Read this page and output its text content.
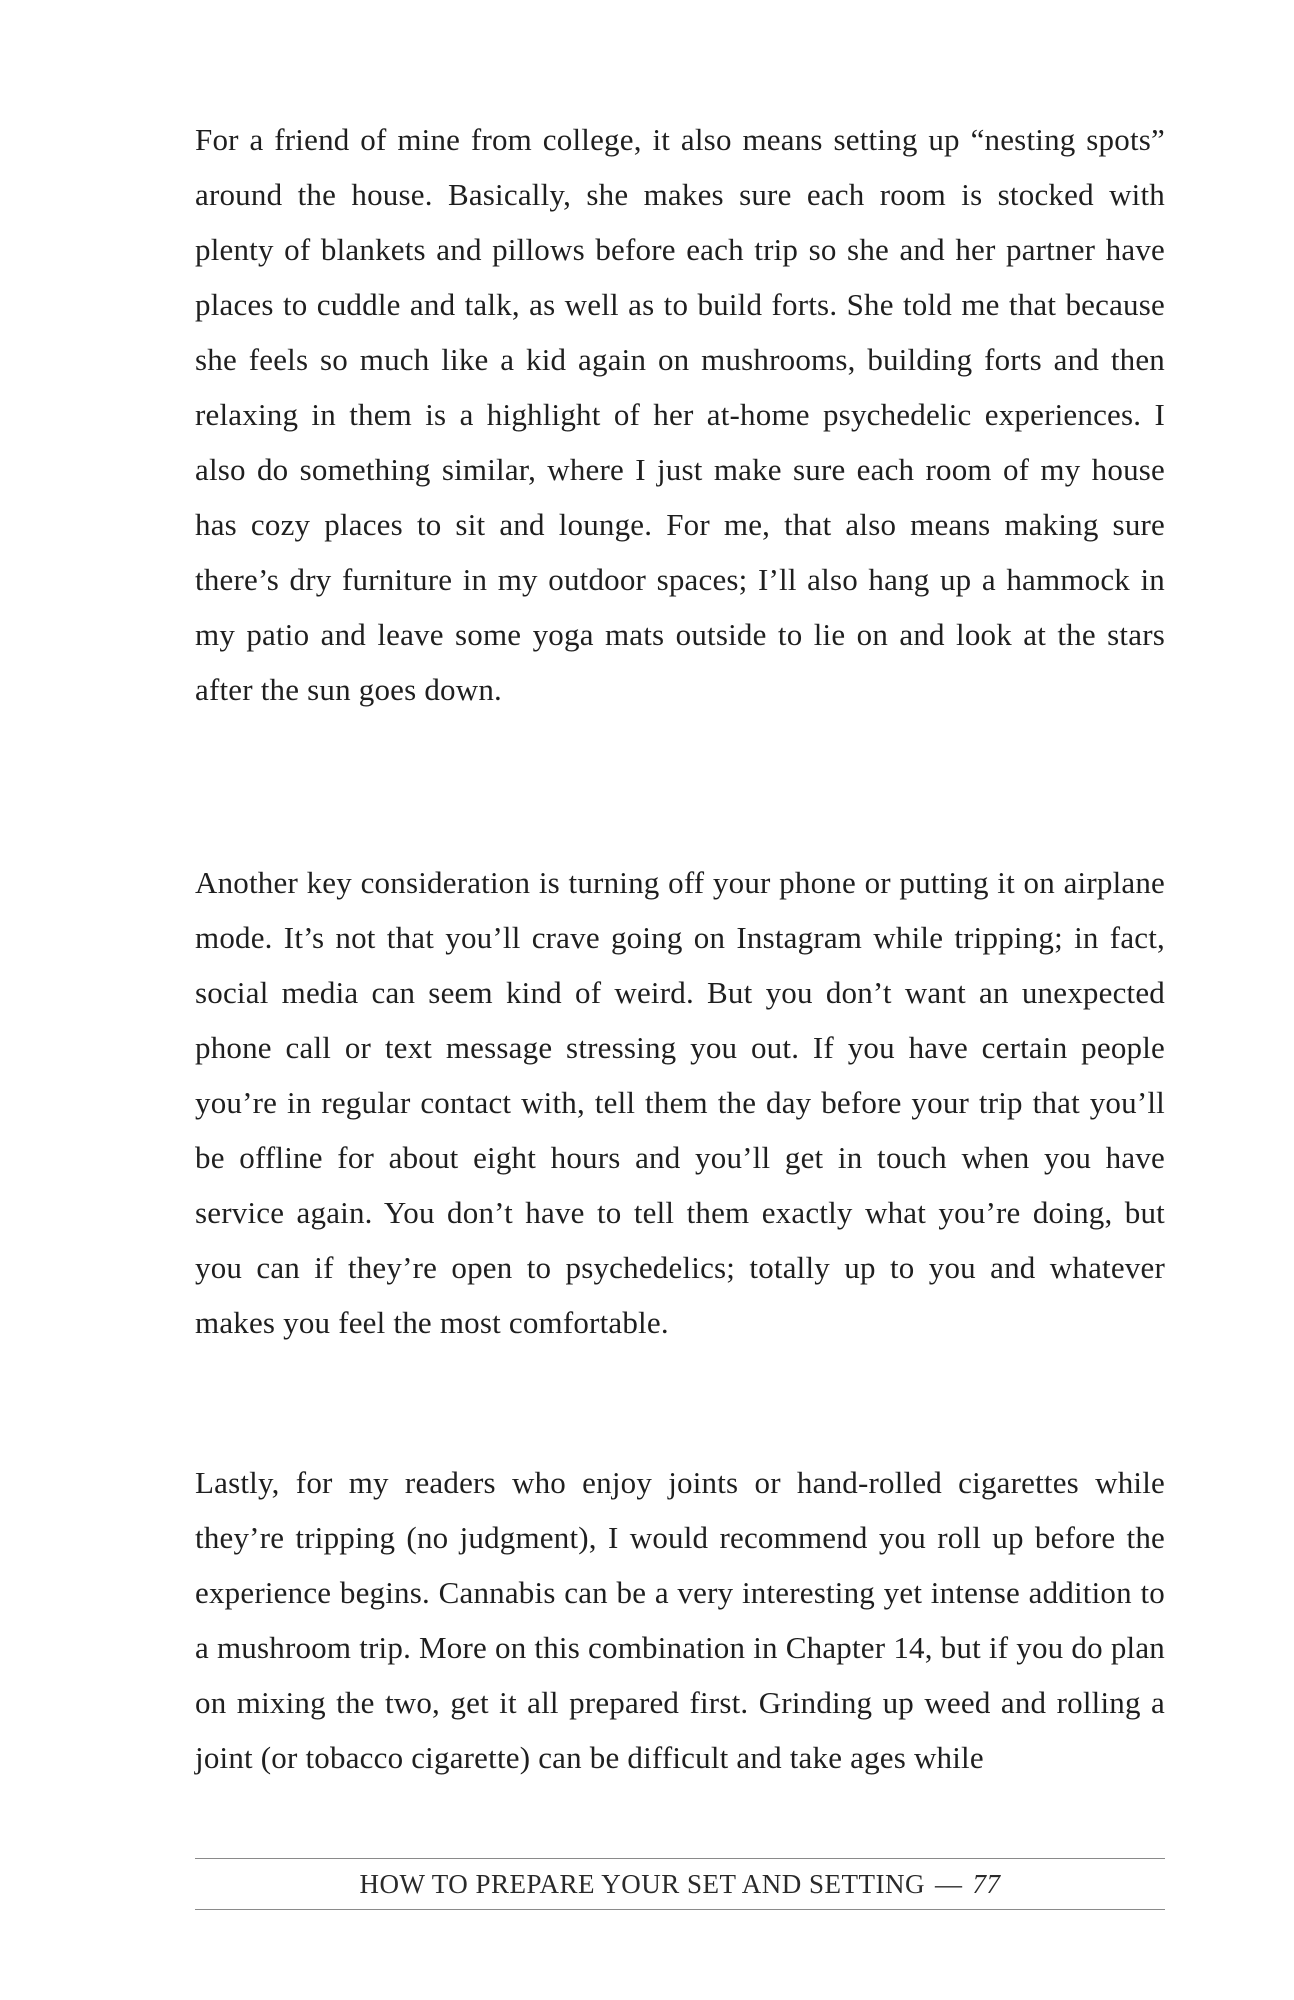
For a friend of mine from college, it also means setting up “nesting spots” around the house. Basically, she makes sure each room is stocked with plenty of blankets and pillows before each trip so she and her partner have places to cuddle and talk, as well as to build forts. She told me that because she feels so much like a kid again on mushrooms, building forts and then relaxing in them is a highlight of her at-home psychedelic experiences. I also do something similar, where I just make sure each room of my house has cozy places to sit and lounge. For me, that also means making sure there’s dry furniture in my outdoor spaces; I’ll also hang up a hammock in my patio and leave some yoga mats outside to lie on and look at the stars after the sun goes down.

Another key consideration is turning off your phone or putting it on airplane mode. It’s not that you’ll crave going on Instagram while tripping; in fact, social media can seem kind of weird. But you don’t want an unexpected phone call or text message stressing you out. If you have certain people you’re in regular contact with, tell them the day before your trip that you’ll be offline for about eight hours and you’ll get in touch when you have service again. You don’t have to tell them exactly what you’re doing, but you can if they’re open to psychedelics; totally up to you and whatever makes you feel the most comfortable.

Lastly, for my readers who enjoy joints or hand-rolled cigarettes while they’re tripping (no judgment), I would recommend you roll up before the experience begins. Cannabis can be a very interesting yet intense addition to a mushroom trip. More on this combination in Chapter 14, but if you do plan on mixing the two, get it all prepared first. Grinding up weed and rolling a joint (or tobacco cigarette) can be difficult and take ages while

HOW TO PREPARE YOUR SET AND SETTING — 77
